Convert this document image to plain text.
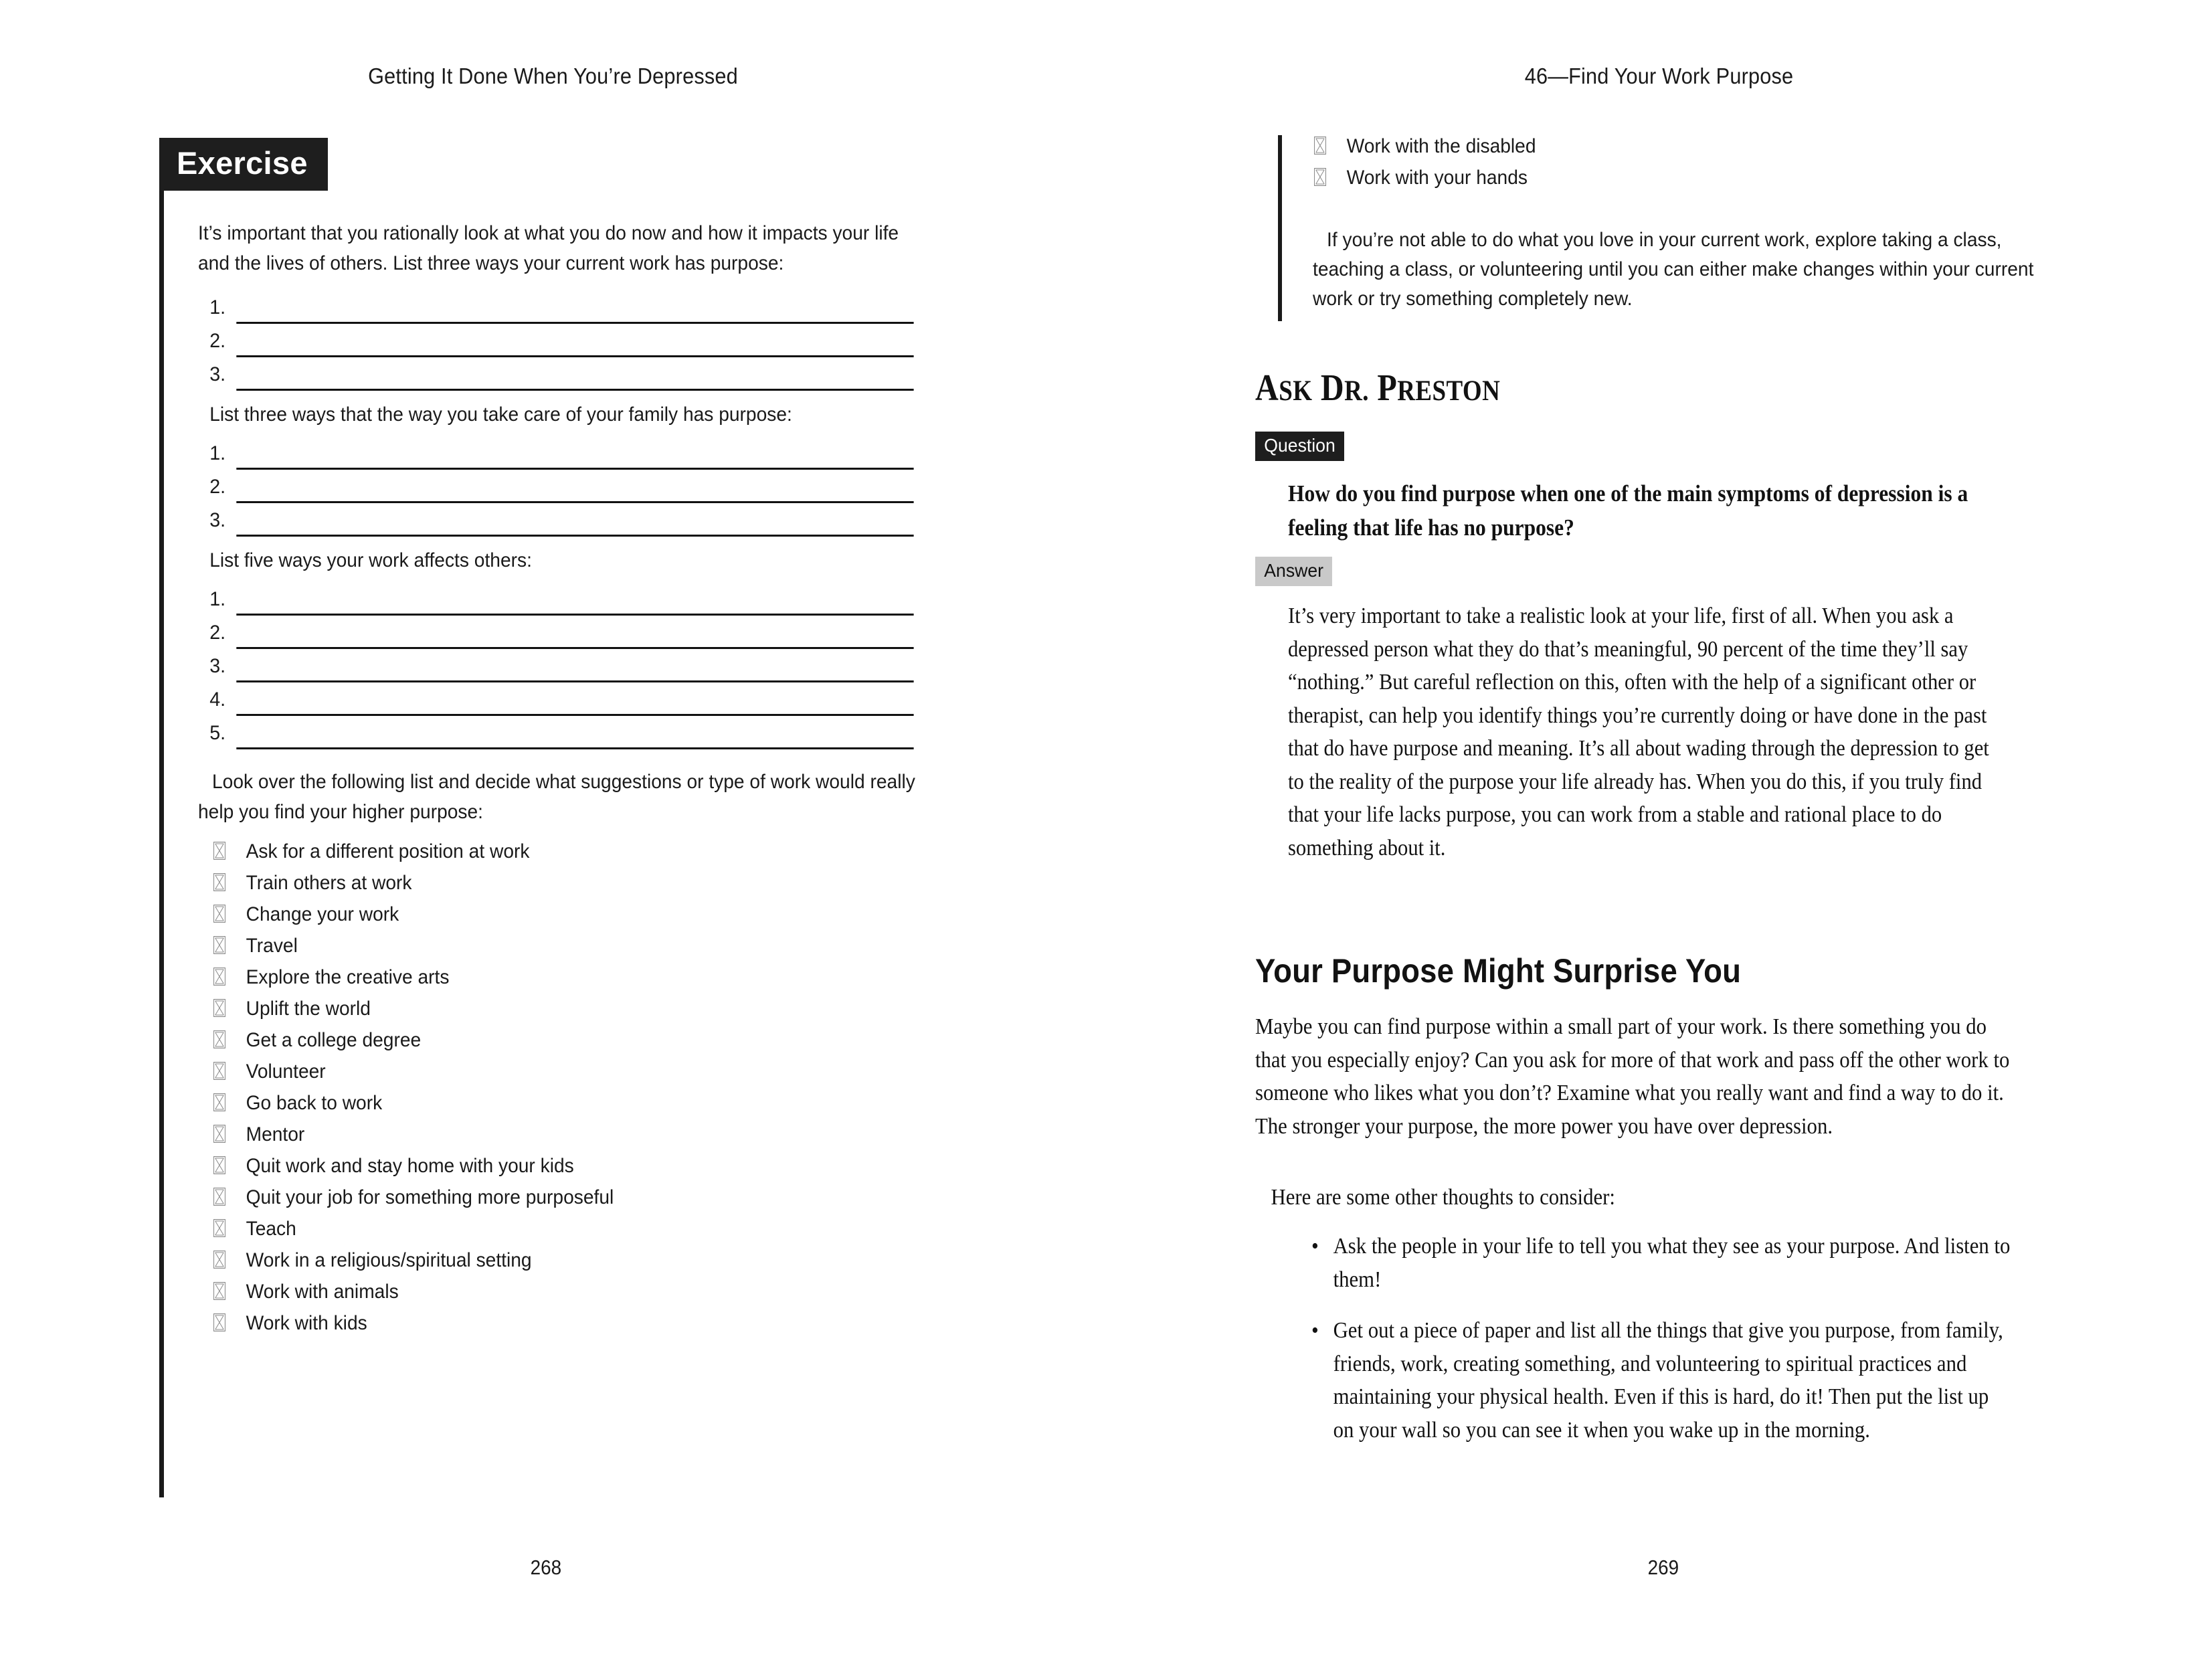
Getting It Done When You’re Depressed
Exercise

It’s important that you rationally look at what you do now and how it impacts your life and the lives of others. List three ways your current work has purpose:

1.
2.
3.

List three ways that the way you take care of your family has purpose:

1.
2.
3.

List five ways your work affects others:

1.
2.
3.
4.
5.

Look over the following list and decide what suggestions or type of work would really help you find your higher purpose:

Ask for a different position at work
Train others at work
Change your work
Travel
Explore the creative arts
Uplift the world
Get a college degree
Volunteer
Go back to work
Mentor
Quit work and stay home with your kids
Quit your job for something more purposeful
Teach
Work in a religious/spiritual setting
Work with animals
Work with kids
268
46—Find Your Work Purpose
269
Work with the disabled
Work with your hands

If you’re not able to do what you love in your current work, explore taking a class, teaching a class, or volunteering until you can either make changes within your current work or try something completely new.

ASK DR. PRESTON
Question
How do you find purpose when one of the main symptoms of depression is a feeling that life has no purpose?
Answer
It’s very important to take a realistic look at your life, first of all. When you ask a depressed person what they do that’s meaningful, 90 percent of the time they’ll say “nothing.” But careful reflection on this, often with the help of a significant other or therapist, can help you identify things you’re currently doing or have done in the past that do have purpose and meaning. It’s all about wading through the depression to get to the reality of the purpose your life already has. When you do this, if you truly find that your life lacks purpose, you can work from a stable and rational place to do something about it.
Your Purpose Might Surprise You
Maybe you can find purpose within a small part of your work. Is there something you do that you especially enjoy? Can you ask for more of that work and pass off the other work to someone who likes what you don’t? Examine what you really want and find a way to do it. The stronger your purpose, the more power you have over depression.
Here are some other thoughts to consider:
• Ask the people in your life to tell you what they see as your purpose. And listen to them!
• Get out a piece of paper and list all the things that give you purpose, from family, friends, work, creating something, and volunteering to spiritual practices and maintaining your physical health. Even if this is hard, do it! Then put the list up on your wall so you can see it when you wake up in the morning.
